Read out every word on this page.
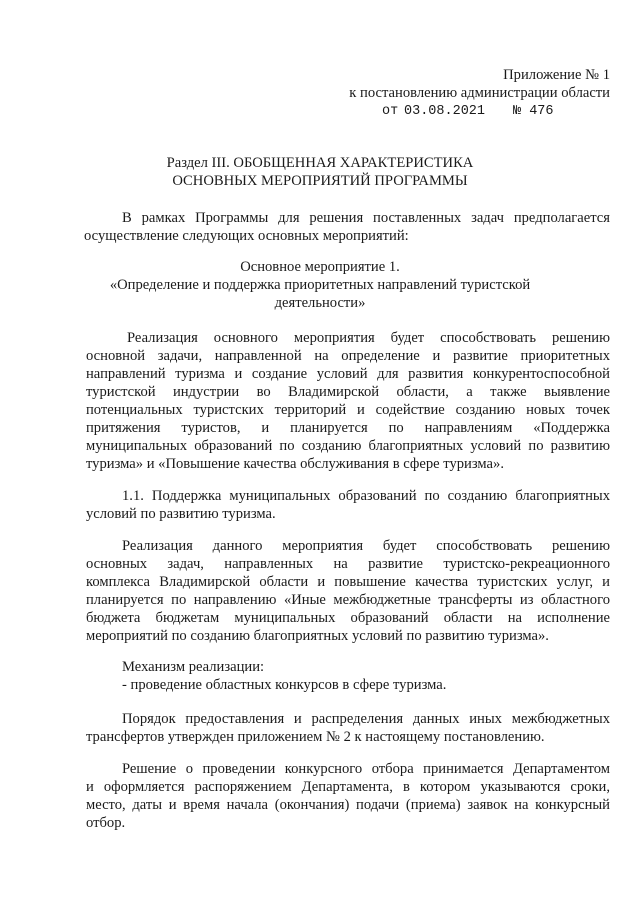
Приложение № 1
к постановлению администрации области
от 03.08.2021 № 476
Раздел III. ОБОБЩЕННАЯ ХАРАКТЕРИСТИКА
ОСНОВНЫХ МЕРОПРИЯТИЙ ПРОГРАММЫ
В рамках Программы для решения поставленных задач предполагается
осуществление следующих основных мероприятий:
Основное мероприятие 1.
«Определение и поддержка приоритетных направлений туристской
деятельности»
Реализация основного мероприятия будет способствовать решению
основной задачи, направленной на определение и развитие приоритетных
направлений туризма и создание условий для развития конкурентоспособной
туристской индустрии во Владимирской области, а также выявление
потенциальных туристских территорий и содействие созданию новых точек
притяжения туристов, и планируется по направлениям «Поддержка
муниципальных образований по созданию благоприятных условий по развитию
туризма» и «Повышение качества обслуживания в сфере туризма».
1.1. Поддержка муниципальных образований по созданию благоприятных
условий по развитию туризма.
Реализация данного мероприятия будет способствовать решению
основных задач, направленных на развитие туристско-рекреационного
комплекса Владимирской области и повышение качества туристских услуг, и
планируется по направлению «Иные межбюджетные трансферты из областного
бюджета бюджетам муниципальных образований области на исполнение
мероприятий по созданию благоприятных условий по развитию туризма».
Механизм реализации:
- проведение областных конкурсов в сфере туризма.
Порядок предоставления и распределения данных иных межбюджетных
трансфертов утвержден приложением № 2 к настоящему постановлению.
Решение о проведении конкурсного отбора принимается Департаментом
и оформляется распоряжением Департамента, в котором указываются сроки,
место, даты и время начала (окончания) подачи (приема) заявок на конкурсный
отбор.
